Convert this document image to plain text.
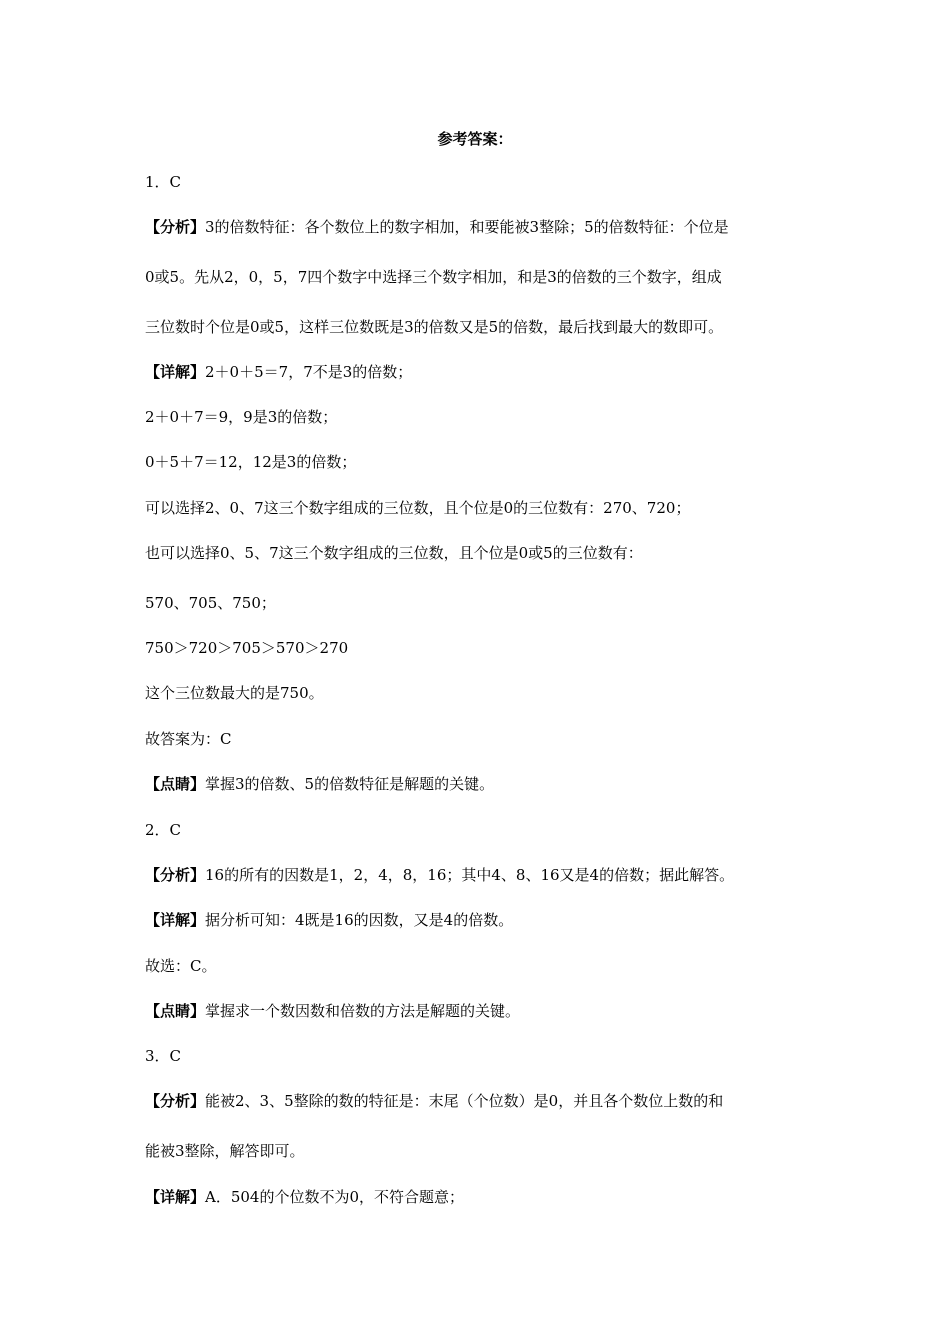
参考答案：

1．C

【分析】3的倍数特征：各个数位上的数字相加，和要能被3整除；5的倍数特征：个位是

0或5。先从2，0，5，7四个数字中选择三个数字相加，和是3的倍数的三个数字，组成

三位数时个位是0或5，这样三位数既是3的倍数又是5的倍数，最后找到最大的数即可。

【详解】2＋0＋5＝7，7不是3的倍数；

2＋0＋7＝9，9是3的倍数；

0＋5＋7＝12，12是3的倍数；

可以选择2、0、7这三个数字组成的三位数，且个位是0的三位数有：270、720；

也可以选择0、5、7这三个数字组成的三位数，且个位是0或5的三位数有：

570、705、750；

750＞720＞705＞570＞270

这个三位数最大的是750。

故答案为：C

【点睛】掌握3的倍数、5的倍数特征是解题的关键。

2．C

【分析】16的所有的因数是1，2，4，8，16；其中4、8、16又是4的倍数；据此解答。

【详解】据分析可知：4既是16的因数，又是4的倍数。

故选：C。

【点睛】掌握求一个数因数和倍数的方法是解题的关键。

3．C

【分析】能被2、3、5整除的数的特征是：末尾（个位数）是0，并且各个数位上数的和

能被3整除，解答即可。

【详解】A．504的个位数不为0，不符合题意；
